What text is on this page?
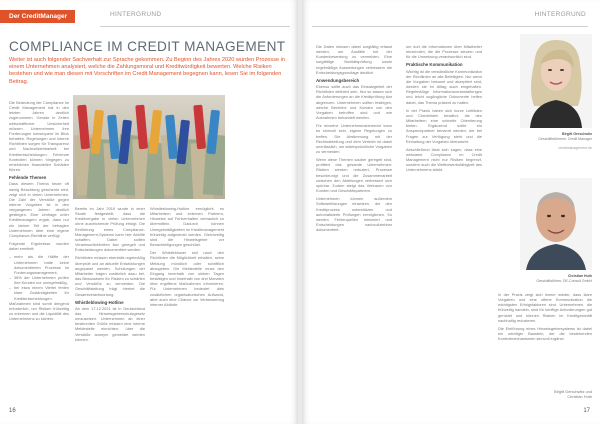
Der CreditManager	HINTERGRUND
COMPLIANCE IM CREDIT MANAGEMENT
Weiter ist auch folgender Sachverhalt zur Sprache gekommen. Zu Beginn des Jahres 2020 wurden Prozesse in einem Unternehmen analysiert, welche die Zahlungsmoral und Kreditwürdigkeit bewerten. Welche Risiken bestehen und wie man diesen mit Vorschriften im Credit Management begegnen kann, lesen Sie im folgenden Beitrag.

Die Bedeutung der Compliance im Credit Management hat in den letzten Jahren deutlich zugenommen. Gerade in Zeiten wirtschaftlicher Unsicherheit müssen Unternehmen ihre Forderungen konsequent im Blick behalten. Regelungen und interne Richtlinien sorgen für Transparenz und Nachvollziehbarkeit bei Kreditentscheidungen. Fehlende Kontrollen können hingegen zu erheblichen finanziellen Schäden führen.

Fehlende Themen

Dass diesem Thema heute oft wenig Beachtung geschenkt wird, zeigt sich in vielen Unternehmen. Die Zahl der Verstöße gegen interne Vorgaben ist in den vergangenen Jahren deutlich gestiegen. Eine Umfrage unter Kreditmanagern ergab, dass nur ein kleiner Teil der befragten Unternehmen über eine eigene Compliance-Richtlinie verfügt.

Folgende Ergebnisse wurden dabei ermittelt:

– mehr als die Hälfte der Unternehmen hatte keine dokumentierten Prozesse im Forderungsmanagement,
– 38% der Unternehmen prüfen ihre Kunden nur unregelmäßig,
– bei etwa einem Viertel fehlen klare Zuständigkeiten für Kreditentscheidungen.

Maßnahmen sind somit dringend erforderlich, um Risiken frühzeitig zu erkennen und die Liquidität des Unternehmens zu sichern.

Bereits im Jahr 2019 wurde in einer Studie festgestellt, dass die Kreditvergabe in vielen Unternehmen ohne ausreichende Prüfung erfolgt. Die Einführung eines Compliance-Management-Systems kann hier Abhilfe schaffen. Dabei sollten Verantwortlichkeiten klar geregelt und Entscheidungen dokumentiert werden.

Richtlinien müssen ebenfalls regelmäßig überprüft und an aktuelle Entwicklungen angepasst werden. Schulungen der Mitarbeiter tragen zusätzlich dazu bei, das Bewusstsein für Risiken zu schärfen und Verstöße zu vermeiden. Die Geschäftsleitung trägt hierbei die Gesamtverantwortung.

Whistleblowing-Hotline

Ab dem 17.12.2021 ist in Deutschland das Hinweisgeberschutzgesetz umzusetzen. Unternehmen ab einer bestimmten Größe müssen eine interne Meldestelle einrichten, über die Verstöße anonym gemeldet werden können.

Whistleblowing-Hotline ermöglicht es Mitarbeitern und externen Partnern, Hinweise auf Fehlverhalten vertraulich zu übermitteln. Dadurch können Unregelmäßigkeiten im Kreditmanagement frühzeitig aufgedeckt werden. Gleichzeitig sind die Hinweisgeber vor Benachteiligungen geschützt.

Der Whistleblower soll nach den Richtlinien die Möglichkeit erhalten, seine Meldung mündlich oder schriftlich abzugeben. Die Meldestelle muss den Eingang innerhalb von sieben Tagen bestätigen und innerhalb von drei Monaten über ergriffene Maßnahmen informieren. Für Unternehmen bedeutet dies zusätzlichen organisatorischen Aufwand, aber auch eine Chance zur Verbesserung interner Abläufe.

16
HINTERGRUND

Die Daten müssen dabei sorgfältig erfasst werden, um Ausfälle bei der Kundenbewertung zu vermeiden. Eine sorgfältige Bonitätsprüfung sowie regelmäßige Auswertungen verbessern die Entscheidungsgrundlage deutlich.

Anwendungsbereich

Ebenso sollte auch das Einsatzgebiet der Richtlinien definiert sein. Nur so lassen sich die Anforderungen an die Kreditprüfung klar abgrenzen. Unternehmen sollten festlegen, welche Bereiche und Kunden von den Vorgaben betroffen sind und wie Ausnahmen behandelt werden.

Für einzelne Unternehmensbereiche kann es sinnvoll sein, eigene Regelungen zu treffen. Die Abstimmung mit der Rechtsabteilung und dem Vertrieb ist dabei unerlässlich, um widersprüchliche Vorgaben zu vermeiden.

Wenn diese Themen sauber geregelt sind, profitiert das gesamte Unternehmen: Risiken werden reduziert, Prozesse beschleunigt und die Zusammenarbeit zwischen den Abteilungen verbessert sich spürbar. Zudem steigt das Vertrauen von Kunden und Geschäftspartnern.

Unternehmen können außerdem Softwarelösungen einsetzen, die den Kreditprozess unterstützen und automatisierte Prüfungen ermöglichen. So werden Fehlerquellen minimiert und Entscheidungen nachvollziehbar dokumentiert.

um dort die Informationen über Mitarbeiter einzuholen, die die Prozesse steuern und für die Umsetzung verantwortlich sind.

Praktische Kommunikation

Wichtig ist die verständliche Kommunikation der Richtlinien an alle Beteiligten. Nur wenn die Vorgaben bekannt und akzeptiert sind, werden sie im Alltag auch eingehalten. Regelmäßige Informationsveranstaltungen und leicht zugängliche Dokumente helfen dabei, das Thema präsent zu halten.

In der Praxis haben sich kurze Leitfäden und Checklisten bewährt, die den Mitarbeitern eine schnelle Orientierung bieten. Ergänzend sollte ein Ansprechpartner benannt werden, der bei Fragen zur Verfügung steht und die Einhaltung der Vorgaben überwacht.

Abschließend lässt sich sagen, dass eine wirksame Compliance im Credit Management nicht nur Risiken begrenzt, sondern auch die Wettbewerbsfähigkeit des Unternehmens stärkt.

Birgitt Gerschwitz
Geschäftsführerin, Credit Manager
creditmanagement.de
Christian Huth
Geschäftsführer, DE-Consult GmbH

In der Praxis zeigt sich immer wieder, dass klare Vorgaben und eine offene Kommunikation die wichtigsten Erfolgsfaktoren sind. Unternehmen, die frühzeitig handeln, sind für künftige Anforderungen gut gerüstet und können Risiken im Kreditgeschäft nachhaltig reduzieren.

Die Einführung eines Hinweisgebersystems ist dabei ein wichtiger Baustein, der die bestehenden Kontrollmechanismen sinnvoll ergänzt.

Birgitt Gerschwitz und
Christian Huth
17
